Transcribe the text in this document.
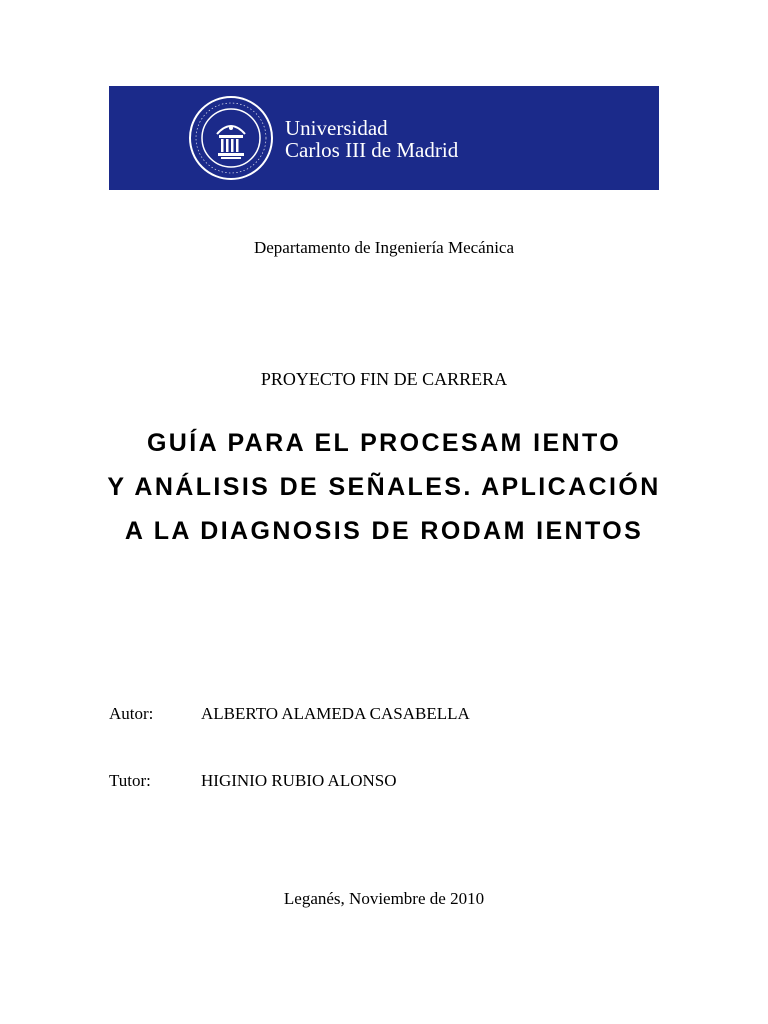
Universidad
Carlos III de Madrid
Departamento de Ingeniería Mecánica
PROYECTO FIN DE CARRERA
GUÍA PARA EL PROCESAM IENTO
Y ANÁLISIS DE SEÑALES. APLICACIÓN
A LA DIAGNOSIS DE RODAM IENTOS
Autor:	ALBERTO ALAMEDA CASABELLA
Tutor:	HIGINIO RUBIO ALONSO
Leganés, Noviembre de 2010
